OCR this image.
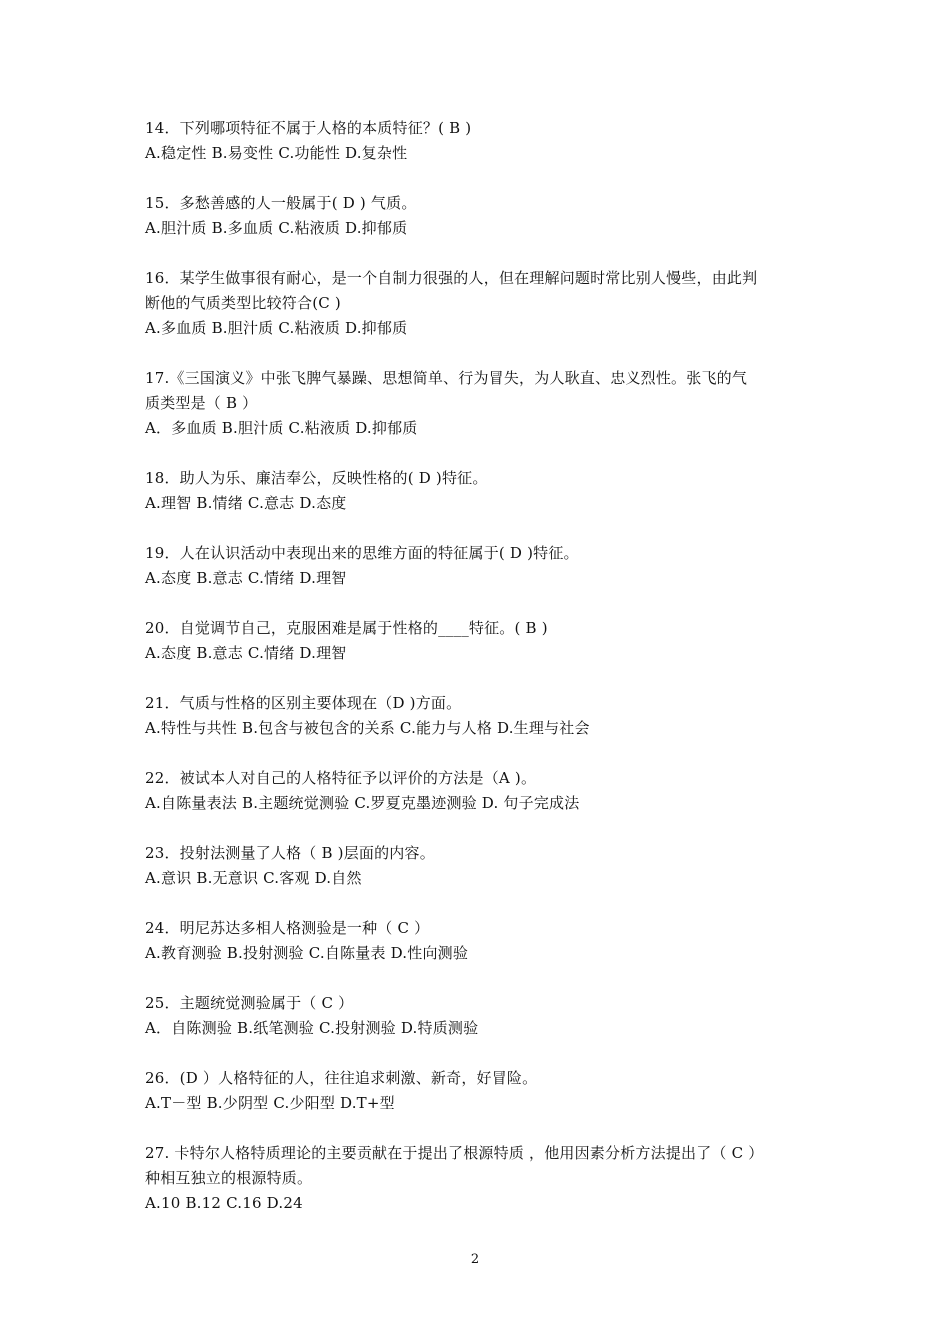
14．下列哪项特征不属于人格的本质特征？( B )
A.稳定性 B.易变性 C.功能性 D.复杂性
15．多愁善感的人一般属于( D ) 气质。
A.胆汁质 B.多血质 C.粘液质 D.抑郁质
16．某学生做事很有耐心，是一个自制力很强的人，但在理解问题时常比别人慢些，由此判
断他的气质类型比较符合(C )
A.多血质 B.胆汁质 C.粘液质 D.抑郁质
17.《三国演义》中张飞脾气暴躁、思想简单、行为冒失，为人耿直、忠义烈性。张飞的气
质类型是（ B ）
A．多血质 B.胆汁质 C.粘液质 D.抑郁质
18．助人为乐、廉洁奉公，反映性格的( D )特征。
A.理智 B.情绪 C.意志 D.态度
19．人在认识活动中表现出来的思维方面的特征属于( D )特征。
A.态度 B.意志 C.情绪 D.理智
20．自觉调节自己，克服困难是属于性格的____特征。( B )
A.态度 B.意志 C.情绪 D.理智
21．气质与性格的区别主要体现在（D )方面。
A.特性与共性 B.包含与被包含的关系 C.能力与人格 D.生理与社会
22．被试本人对自己的人格特征予以评价的方法是（A )。
A.自陈量表法 B.主题统觉测验 C.罗夏克墨迹测验 D. 句子完成法
23．投射法测量了人格（ B )层面的内容。
A.意识 B.无意识 C.客观 D.自然
24．明尼苏达多相人格测验是一种（ C ）
A.教育测验 B.投射测验 C.自陈量表 D.性向测验
25．主题统觉测验属于（ C ）
A．自陈测验 B.纸笔测验 C.投射测验 D.特质测验
26．(D ）人格特征的人，往往追求刺激、新奇，好冒险。
A.T－型 B.少阴型 C.少阳型 D.T+型
27. 卡特尔人格特质理论的主要贡献在于提出了根源特质 ，他用因素分析方法提出了（ C ）
种相互独立的根源特质。
A.10 B.12 C.16 D.24
2
